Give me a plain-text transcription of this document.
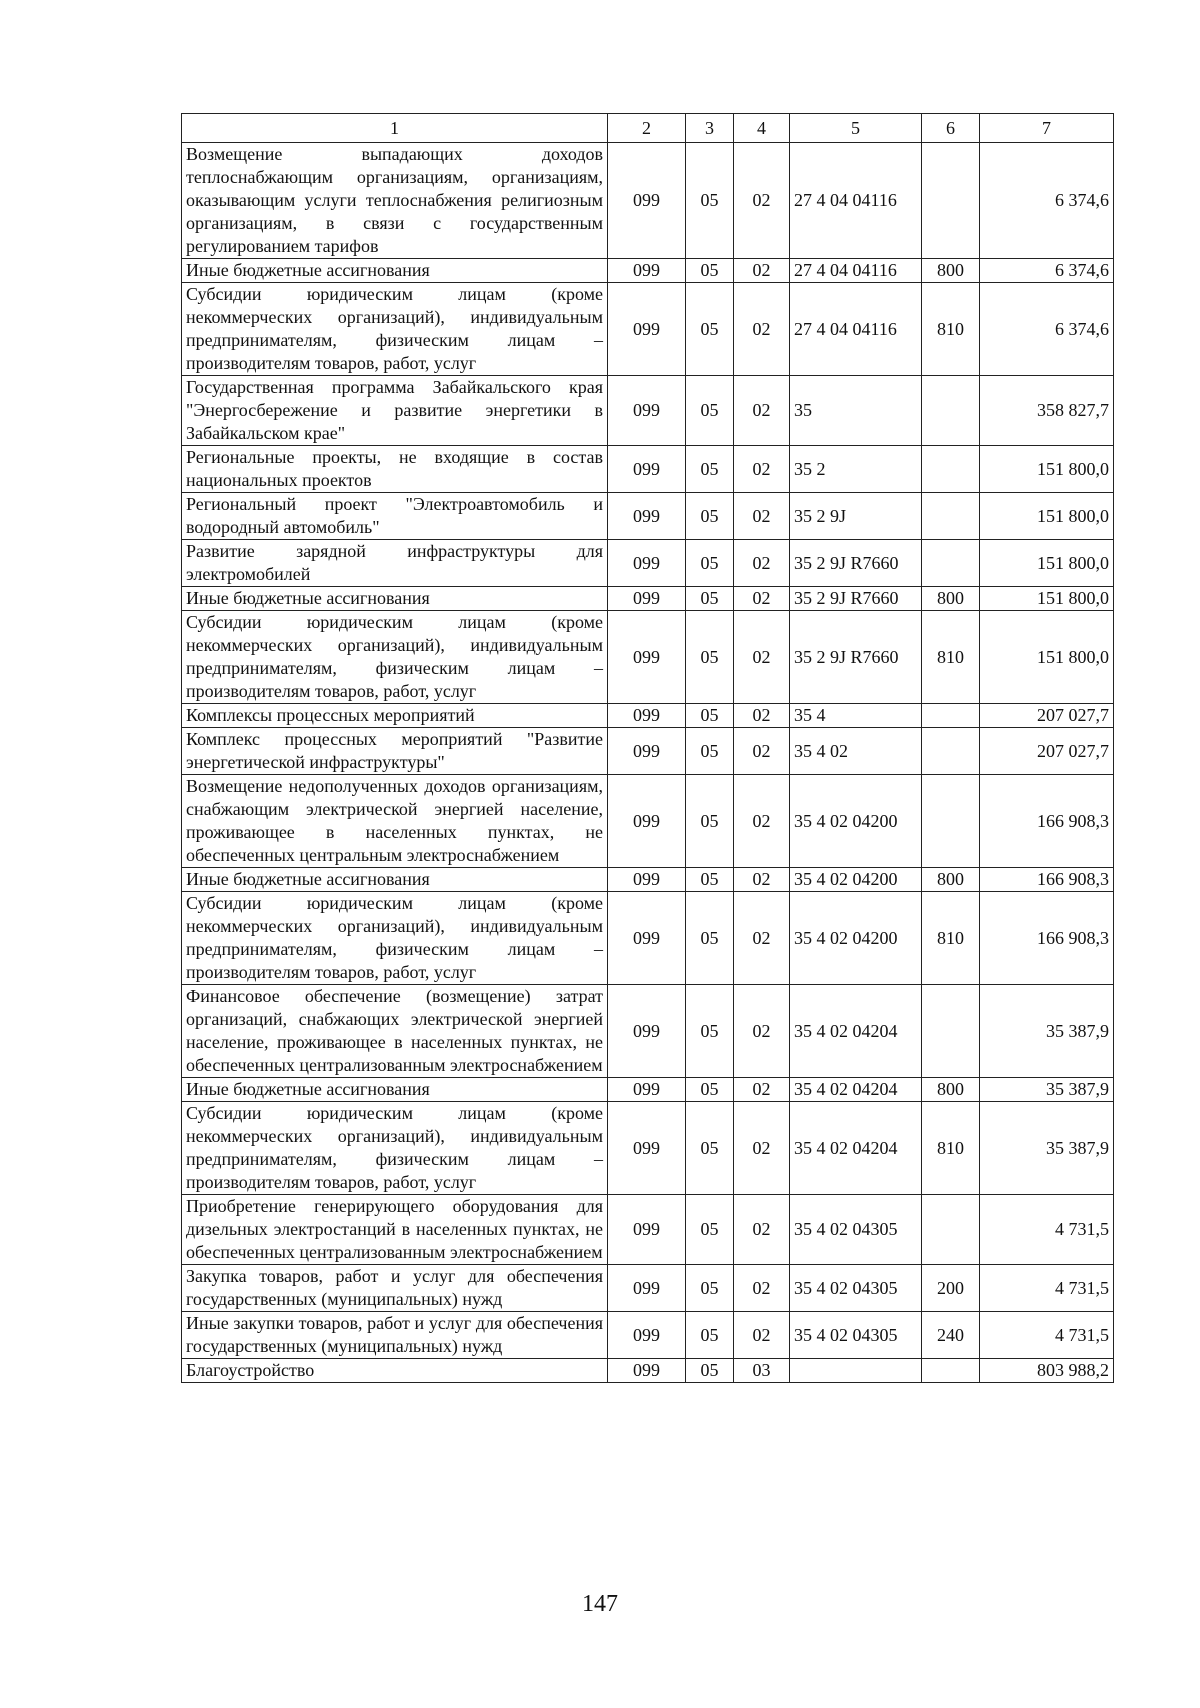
1	2	3	4	5	6	7
Возмещение выпадающих доходов теплоснабжающим организациям, организациям, оказывающим услуги теплоснабжения религиозным организациям, в связи с государственным регулированием тарифов	099	05	02	27 4 04 04116		6 374,6
Иные бюджетные ассигнования	099	05	02	27 4 04 04116	800	6 374,6
Субсидии юридическим лицам (кроме некоммерческих организаций), индивидуальным предпринимателям, физическим лицам – производителям товаров, работ, услуг	099	05	02	27 4 04 04116	810	6 374,6
Государственная программа Забайкальского края "Энергосбережение и развитие энергетики в Забайкальском крае"	099	05	02	35		358 827,7
Региональные проекты, не входящие в состав национальных проектов	099	05	02	35 2		151 800,0
Региональный проект "Электроавтомобиль и водородный автомобиль"	099	05	02	35 2 9J		151 800,0
Развитие зарядной инфраструктуры для электромобилей	099	05	02	35 2 9J R7660		151 800,0
Иные бюджетные ассигнования	099	05	02	35 2 9J R7660	800	151 800,0
Субсидии юридическим лицам (кроме некоммерческих организаций), индивидуальным предпринимателям, физическим лицам – производителям товаров, работ, услуг	099	05	02	35 2 9J R7660	810	151 800,0
Комплексы процессных мероприятий	099	05	02	35 4		207 027,7
Комплекс процессных мероприятий "Развитие энергетической инфраструктуры"	099	05	02	35 4 02		207 027,7
Возмещение недополученных доходов организациям, снабжающим электрической энергией население, проживающее в населенных пунктах, не обеспеченных центральным электроснабжением	099	05	02	35 4 02 04200		166 908,3
Иные бюджетные ассигнования	099	05	02	35 4 02 04200	800	166 908,3
Субсидии юридическим лицам (кроме некоммерческих организаций), индивидуальным предпринимателям, физическим лицам – производителям товаров, работ, услуг	099	05	02	35 4 02 04200	810	166 908,3
Финансовое обеспечение (возмещение) затрат организаций, снабжающих электрической энергией население, проживающее в населенных пунктах, не обеспеченных централизованным электроснабжением	099	05	02	35 4 02 04204		35 387,9
Иные бюджетные ассигнования	099	05	02	35 4 02 04204	800	35 387,9
Субсидии юридическим лицам (кроме некоммерческих организаций), индивидуальным предпринимателям, физическим лицам – производителям товаров, работ, услуг	099	05	02	35 4 02 04204	810	35 387,9
Приобретение генерирующего оборудования для дизельных электростанций в населенных пунктах, не обеспеченных централизованным электроснабжением	099	05	02	35 4 02 04305		4 731,5
Закупка товаров, работ и услуг для обеспечения государственных (муниципальных) нужд	099	05	02	35 4 02 04305	200	4 731,5
Иные закупки товаров, работ и услуг для обеспечения государственных (муниципальных) нужд	099	05	02	35 4 02 04305	240	4 731,5
Благоустройство	099	05	03			803 988,2
147
